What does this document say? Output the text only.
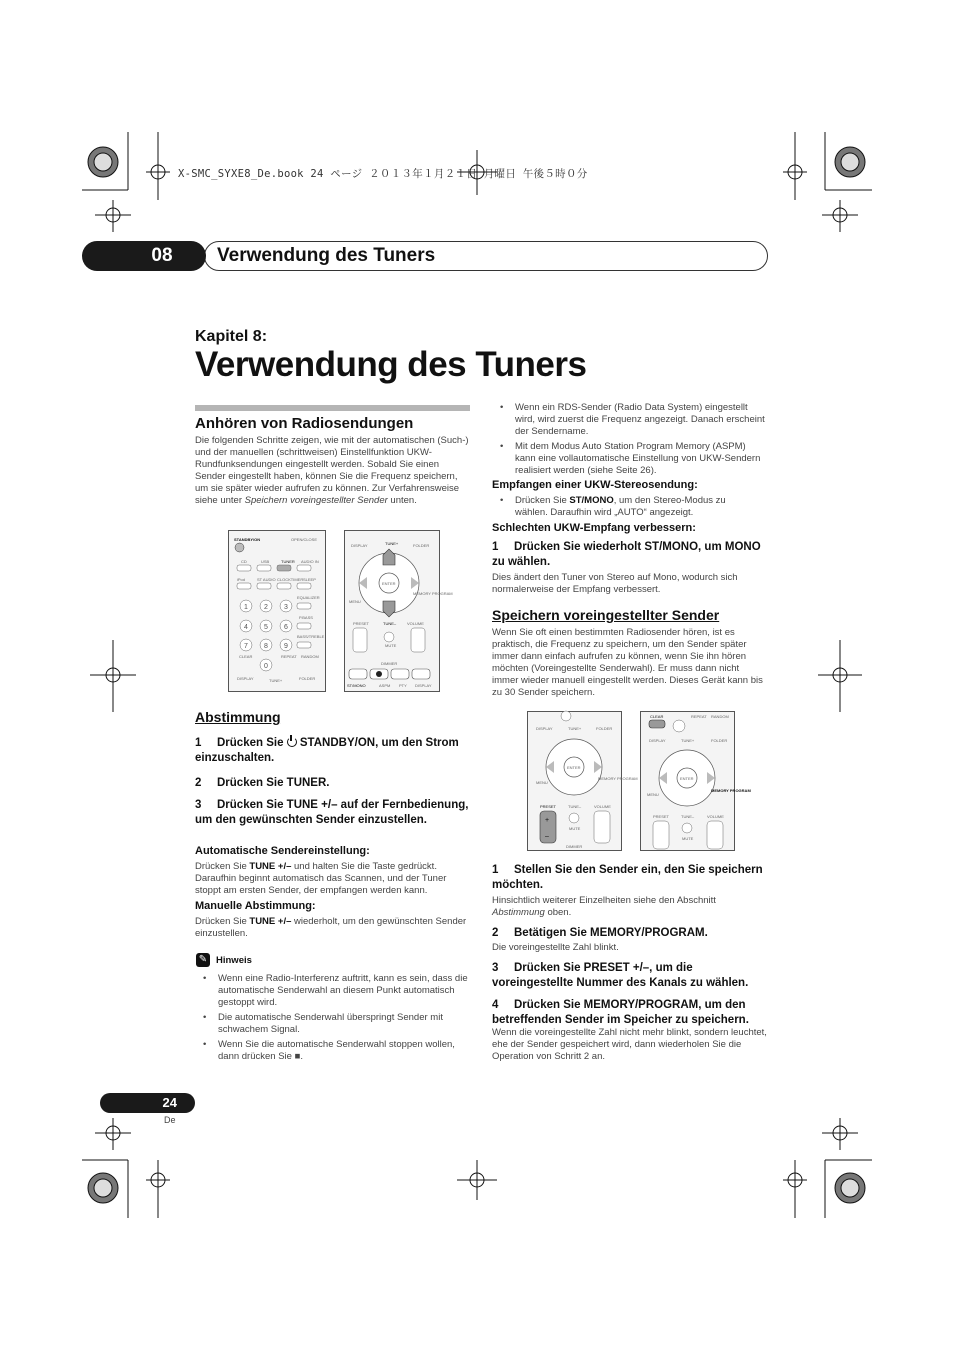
X-SMC_SYXE8_De.book 24 ページ ２０１３年１月２１日 月曜日 午後５時０分
Verwendung des Tuners
08
Kapitel 8:
Verwendung des Tuners
Anhören von Radiosendungen
Die folgenden Schritte zeigen, wie mit der automatischen (Such-) und der manuellen (schrittweisen) Einstellfunktion UKW-Rundfunksendungen eingestellt werden. Sobald Sie einen Sender eingestellt haben, können Sie die Frequenz speichern, um sie später wieder aufrufen zu können. Zur Verfahrensweise siehe unter Speichern voreingestellter Sender unten.
STANDBY/ON	OPEN/CLOSE
CD	USB	TUNER AUDIO IN
iPod	ST AUDIO CLOCKTIMER SLEEP
EQUALIZER
P.BASS
BASS/TREBLE
1 2 3
4 5 6
7 8 9
0
CLEAR	REPEAT RANDOM
DISPLAY	TUNE+	FOLDER
DISPLAY	TUNE+	FOLDER
ENTER
MENU
MEMORY PROGRAM
PRESET	TUNE–	VOLUME
MUTE
DIMMER
ST/MONO	ASPM PTY DISPLAY
Abstimmung
1 Drücken Sie STANDBY/ON, um den Strom einzuschalten.
2 Drücken Sie TUNER.
3 Drücken Sie TUNE +/– auf der Fernbedienung, um den gewünschten Sender einzustellen.
Automatische Sendereinstellung:
Drücken Sie TUNE +/– und halten Sie die Taste gedrückt. Daraufhin beginnt automatisch das Scannen, und der Tuner stoppt am ersten Sender, der empfangen werden kann.
Manuelle Abstimmung:
Drücken Sie TUNE +/– wiederholt, um den gewünschten Sender einzustellen.
✎ Hinweis
• Wenn eine Radio-Interferenz auftritt, kann es sein, dass die automatische Senderwahl an diesem Punkt automatisch gestoppt wird.
• Die automatische Senderwahl überspringt Sender mit schwachem Signal.
• Wenn Sie die automatische Senderwahl stoppen wollen, dann drücken Sie ■.
• Wenn ein RDS-Sender (Radio Data System) eingestellt wird, wird zuerst die Frequenz angezeigt. Danach erscheint der Sendername.
• Mit dem Modus Auto Station Program Memory (ASPM) kann eine vollautomatische Einstellung von UKW-Sendern realisiert werden (siehe Seite 26).
Empfangen einer UKW-Stereosendung:
• Drücken Sie ST/MONO, um den Stereo-Modus zu wählen. Daraufhin wird „AUTO“ angezeigt.
Schlechten UKW-Empfang verbessern:
1 Drücken Sie wiederholt ST/MONO, um MONO zu wählen.
Dies ändert den Tuner von Stereo auf Mono, wodurch sich normalerweise der Empfang verbessert.
Speichern voreingestellter Sender
Wenn Sie oft einen bestimmten Radiosender hören, ist es praktisch, die Frequenz zu speichern, um den Sender später immer dann einfach aufrufen zu können, wenn Sie ihn hören möchten (Voreingestellte Senderwahl). Er muss dann nicht immer wieder manuell eingestellt werden. Dieses Gerät kann bis zu 30 Sender speichern.
DISPLAY	TUNE+	FOLDER
ENTER
MENU
MEMORY PROGRAM
PRESET	TUNE–	VOLUME
+
–
MUTE
DIMMER
CLEAR	REPEAT RANDOM
DISPLAY	TUNE+	FOLDER
ENTER
MENU
MEMORY PROGRAM
PRESET	TUNE–	VOLUME
MUTE
1 Stellen Sie den Sender ein, den Sie speichern möchten.
Hinsichtlich weiterer Einzelheiten siehe den Abschnitt Abstimmung oben.
2 Betätigen Sie MEMORY/PROGRAM.
Die voreingestellte Zahl blinkt.
3 Drücken Sie PRESET +/–, um die voreingestellte Nummer des Kanals zu wählen.
4 Drücken Sie MEMORY/PROGRAM, um den betreffenden Sender im Speicher zu speichern.
Wenn die voreingestellte Zahl nicht mehr blinkt, sondern leuchtet, ehe der Sender gespeichert wird, dann wiederholen Sie die Operation von Schritt 2 an.
24
De
